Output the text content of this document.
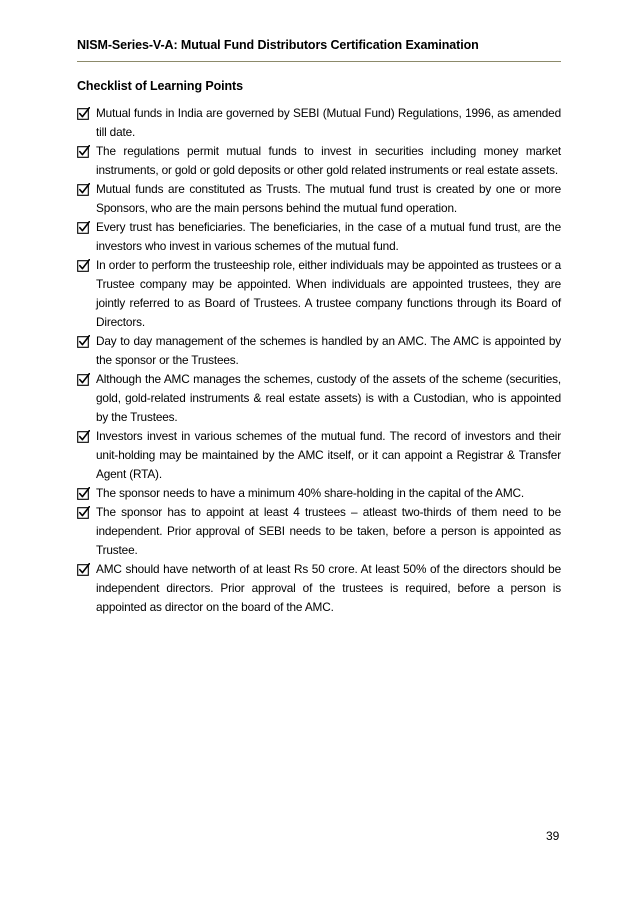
NISM-Series-V-A: Mutual Fund Distributors Certification Examination
Checklist of Learning Points
Mutual funds in India are governed by SEBI (Mutual Fund) Regulations, 1996, as amended till date.
The regulations permit mutual funds to invest in securities including money market instruments, or gold or gold deposits or other gold related instruments or real estate assets.
Mutual funds are constituted as Trusts. The mutual fund trust is created by one or more Sponsors, who are the main persons behind the mutual fund operation.
Every trust has beneficiaries. The beneficiaries, in the case of a mutual fund trust, are the investors who invest in various schemes of the mutual fund.
In order to perform the trusteeship role, either individuals may be appointed as trustees or a Trustee company may be appointed. When individuals are appointed trustees, they are jointly referred to as Board of Trustees. A trustee company functions through its Board of Directors.
Day to day management of the schemes is handled by an AMC. The AMC is appointed by the sponsor or the Trustees.
Although the AMC manages the schemes, custody of the assets of the scheme (securities, gold, gold-related instruments & real estate assets) is with a Custodian, who is appointed by the Trustees.
Investors invest in various schemes of the mutual fund. The record of investors and their unit-holding may be maintained by the AMC itself, or it can appoint a Registrar & Transfer Agent (RTA).
The sponsor needs to have a minimum 40% share-holding in the capital of the AMC.
The sponsor has to appoint at least 4 trustees – atleast two-thirds of them need to be independent. Prior approval of SEBI needs to be taken, before a person is appointed as Trustee.
AMC should have networth of at least Rs 50 crore. At least 50% of the directors should be independent directors. Prior approval of the trustees is required, before a person is appointed as director on the board of the AMC.
39
